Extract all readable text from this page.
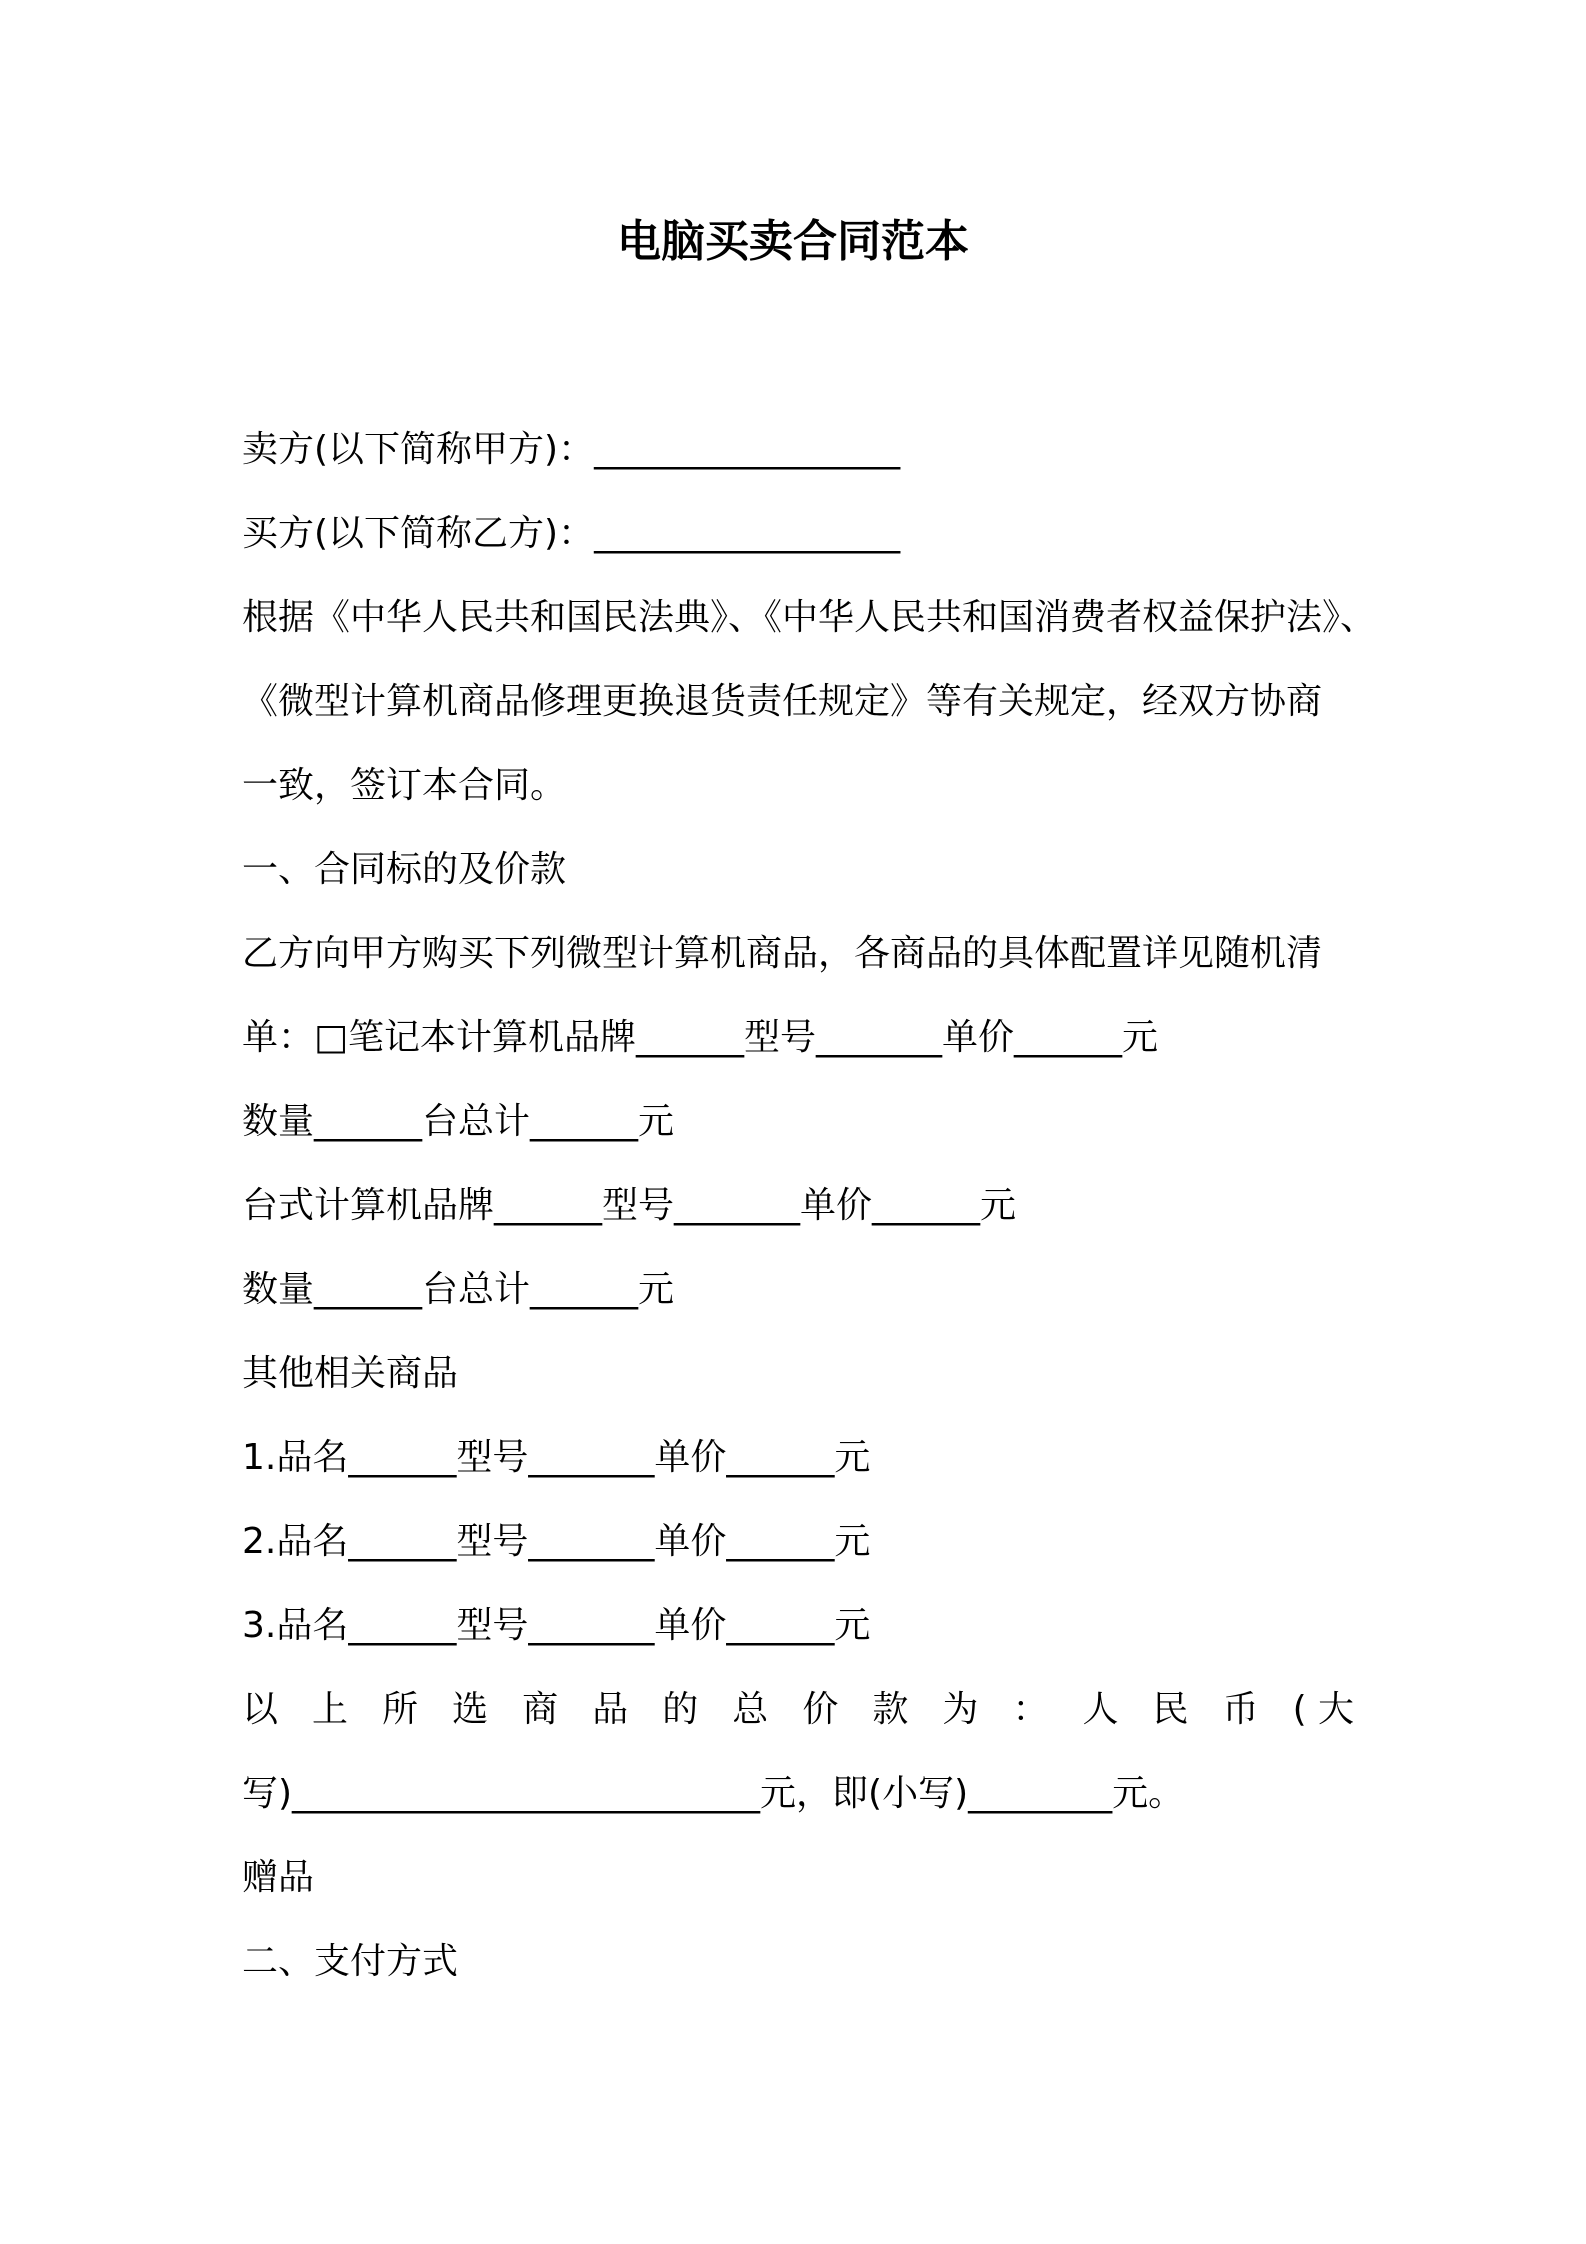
电脑买卖合同范本

卖方(以下简称甲方)：_________________

买方(以下简称乙方)：_________________

根据《中华人民共和国民法典》、《中华人民共和国消费者权益保护法》、

《微型计算机商品修理更换退货责任规定》等有关规定，经双方协商

一致，签订本合同。

一、合同标的及价款

乙方向甲方购买下列微型计算机商品，各商品的具体配置详见随机清

单：□笔记本计算机品牌______型号_______单价______元

数量______台总计______元

台式计算机品牌______型号_______单价______元

数量______台总计______元

其他相关商品

1.品名______型号_______单价______元

2.品名______型号_______单价______元

3.品名______型号_______单价______元

以 上 所 选 商 品 的 总 价 款 为 ： 人 民 币 (大

写)__________________________元，即(小写)________元。

赠品

二、支付方式
